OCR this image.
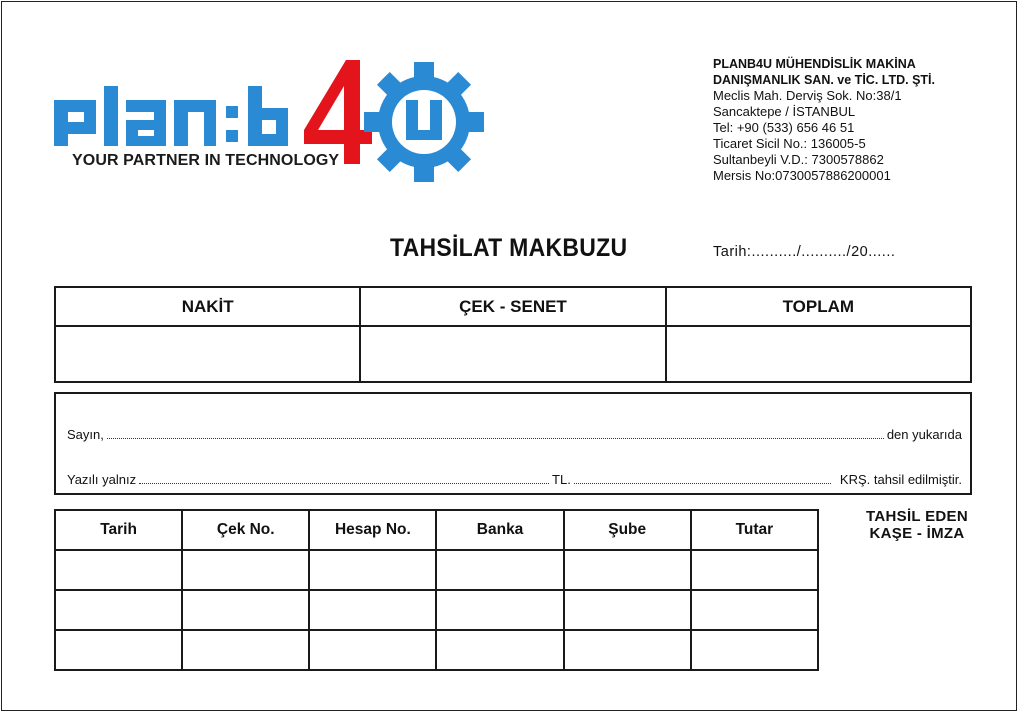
YOUR PARTNER IN TECHNOLOGY
PLANB4U MÜHENDİSLİK MAKİNA
DANIŞMANLIK SAN. ve TİC. LTD. ŞTİ.
Meclis Mah. Derviş Sok. No:38/1
Sancaktepe / İSTANBUL
Tel: +90 (533) 656 46 51
Ticaret Sicil No.: 136005-5
Sultanbeyli V.D.: 7300578862
Mersis No:0730057886200001
TAHSİLAT MAKBUZU	Tarih:........../........../20......
NAKİT	ÇEK - SENET	TOPLAM

Sayın,	den yukarıda
Yazılı yalnız	TL.	KRŞ. tahsil edilmiştir.
Tarih	Çek No.	Hesap No.	Banka	Şube	Tutar

TAHSİL EDEN
KAŞE - İMZA
